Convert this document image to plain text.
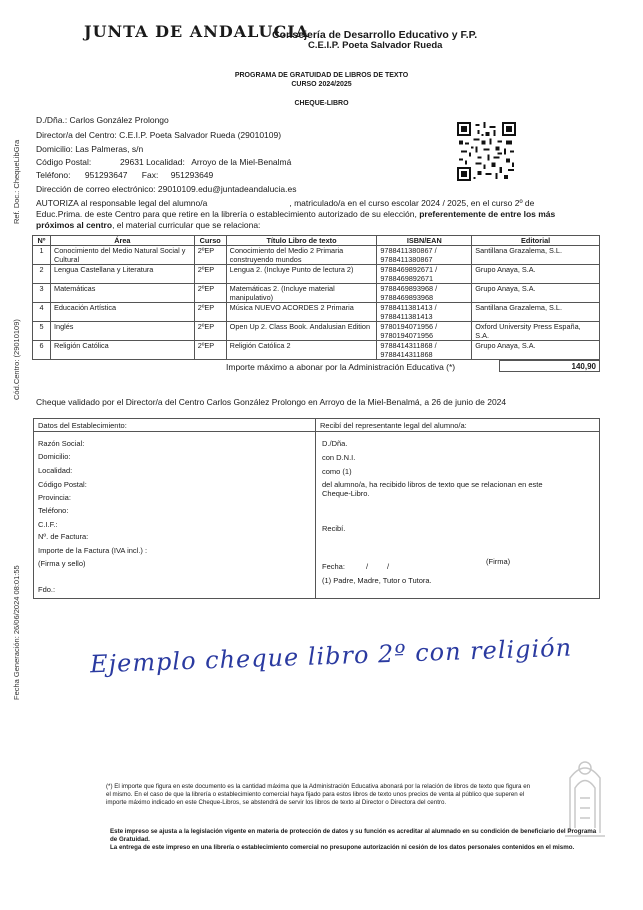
JUNTA DE ANDALUCIA
Consejería de Desarrollo Educativo y F.P.
C.E.I.P. Poeta Salvador Rueda
PROGRAMA DE GRATUIDAD DE LIBROS DE TEXTO
CURSO 2024/2025
CHEQUE-LIBRO
Ref. Doc.: ChequeLibGra
Cód.Centro: (29010109)
Fecha Generación: 26/06/2024 08:01:55
D./Dña.: Carlos González Prolongo
Director/a del Centro: C.E.I.P. Poeta Salvador Rueda (29010109)
Domicilio: Las Palmeras, s/n
Código Postal:	29631 Localidad: Arroyo de la Miel-Benalmá
Teléfono: 951293647 Fax: 951293649
Dirección de correo electrónico: 29010109.edu@juntadeandalucia.es
AUTORIZA al responsable legal del alumno/a	, matriculado/a en el curso escolar 2024 / 2025, en el curso 2º de
Educ.Prima. de este Centro para que retire en la librería o establecimiento autorizado de su elección, preferentemente de entre los más
próximos al centro, el material curricular que se relaciona:
Nº	Área	Curso	Título Libro de texto	ISBN/EAN	Editorial
1	Conocimiento del Medio Natural Social y Cultural	2ºEP	Conocimiento del Medio 2 Primaria construyendo mundos	9788411380867 / 9788411380867	Santillana Grazalema, S.L.
2	Lengua Castellana y Literatura	2ºEP	Lengua 2. (Incluye Punto de lectura 2)	9788469892671 / 9788469892671	Grupo Anaya, S.A.
3	Matemáticas	2ºEP	Matemáticas 2. (Incluye material manipulativo)	9788469893968 / 9788469893968	Grupo Anaya, S.A.
4	Educación Artística	2ºEP	Música NUEVO ACORDES 2 Primaria	9788411381413 / 9788411381413	Santillana Grazalema, S.L.
5	Inglés	2ºEP	Open Up 2. Class Book. Andalusian Edition	9780194071956 / 9780194071956	Oxford University Press España, S.A.
6	Religión Católica	2ºEP	Religión Católica 2	9788414311868 / 9788414311868	Grupo Anaya, S.A.
Importe máximo a abonar por la Administración Educativa (*)	140,90
Cheque validado por el Director/a del Centro Carlos González Prolongo en Arroyo de la Miel-Benalmá, a 26 de junio de 2024
Datos del Establecimiento:
Razón Social:
Domicilio:
Localidad:
Código Postal:
Provincia:
Teléfono:
C.I.F.:
Nº. de Factura:
Importe de la Factura (IVA incl.) :
(Firma y sello)
Fdo.:
Recibí del representante legal del alumno/a:
D./Dña.
con D.N.I.
como (1)
del alumno/a, ha recibido libros de texto que se relacionan en este
Cheque-Libro.
Recibí.
Fecha:	/	/
(Firma)
(1) Padre, Madre, Tutor o Tutora.
Ejemplo cheque libro 2º con religión
(*) El importe que figura en este documento es la cantidad máxima que la Administración Educativa abonará por la relación de libros de texto que figura en
el mismo. En el caso de que la librería o establecimiento comercial haya fijado para estos libros de texto unos precios de venta al público que superen el
importe máximo indicado en este Cheque-Libros, se abstendrá de servir los libros de texto al Director o Directora del centro.
Este impreso se ajusta a la legislación vigente en materia de protección de datos y su función es acreditar al alumnado en su condición de beneficiario del Programa de Gratuidad.
La entrega de este impreso en una librería o establecimiento comercial no presupone autorización ni cesión de los datos personales contenidos en el mismo.
